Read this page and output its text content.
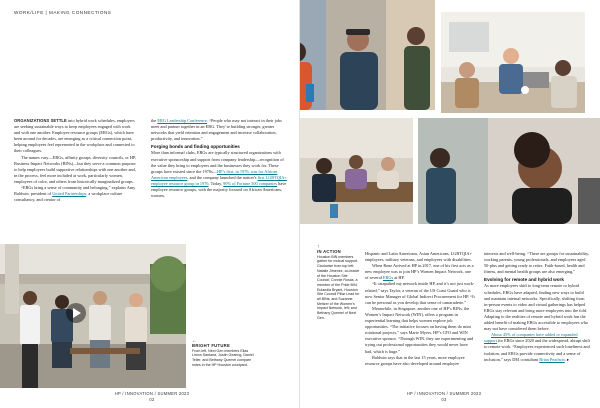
WORK/LIFE | MAKING CONNECTIONS

ORGANIZATIONS SETTLE into hybrid work schedules, employers are seeking sustainable ways to keep employees engaged with work and with one another. Employee resource groups (ERGs), which have been around for decades, are emerging as a critical connection point, helping employees feel represented in the workplace and connected to their colleagues.

The names vary—ERGs, affinity groups, diversity councils, or HP, Business Impact Networks (BINs)—but they serve a common purpose: to help employees build supportive relationships with one another and, in the process, feel more included at work, particularly women, employees of color, and others from historically marginalized groups.

“ERGs bring a sense of community and belonging,” explains Amy Baldwin, president of United Partnerships, a workplace culture consultancy, and creator of

the ERG Leadership Conference. “People who may not interact in their jobs meet and partner together in an ERG. They’re building stronger, greater networks that yield retention and engagement and increase collaboration, productivity, and innovation.”

Forging bonds and finding opportunities

More than informal clubs, ERGs are typically structured organizations with executive sponsorship and support from company leadership—recognition of the value they bring to employees and the businesses they work for. These groups have existed since the 1970s—HP’s first, in 1976, was for African American employees, and the company launched the nation’s first LGBTQIA+ employee resource group in 1976. Today, 90% of Fortune 500 companies have employee resource groups, with the majority focused on African Americans, women,

←
BRIGHT FUTURE
From left, Next Gen members Elias Limon Santana, Justin Gearing, Daniel Teller, and Bethany Quemel compare notes in the HP Houston courtyard.
HP / INNOVATION / SUMMER 2023
02
↑
IN ACTION
Houston BIN members gather for mutual support. Clockwise from top left: Natalie Jimenez, co-leader of the Houston Site Council; Connie Rosas, a member of the Pride BIN; Eulandia Bryant, Houston Site Council Pillar Lead for all BINs; and Suzanne Meltzer of the Women’s Impact Network, left; and Bethany Quemel of Next Gen.

Hispanic and Latin Americans, Asian Americans, LGBTQIA+ employees, military veterans, and employees with disabilities.

When Rene Arrived at HP in 2017, one of his first acts as a new employee was to join HP’s Women Impact Network, one of several ERGs at HP.

“It catapulted my network inside HP, and it’s not just work-related,” says Taylor, a veteran of the US Coast Guard who is now Senior Manager of Global Indirect Procurement for HP. “It can be personal as you develop that sense of camaraderie.”

Meanwhile, in Singapore, another one of HP’s BINs, the Women’s Impact Network (WIN), offers a program in experiential learning that helps women explore job opportunities. “The initiative focuses on having them do mini rotational projects,” says Marie Myers, HP’s CFO and WIN executive sponsor. “Through WIN, they are experimenting and trying out professional opportunities they would never have had, which is huge.”

Baldwin says that in the last 15 years, more employee resource groups have also developed around employee

interests and well-being. “There are groups for sustainability, working parents, young professionals, and employees aged 50-plus and getting ready to retire. Faith-based, health and fitness, and mental health groups are also emerging.”

Evolving for remote and hybrid work

As more employees shift to long-term remote or hybrid schedules, ERGs have adapted, finding new ways to build and maintain internal networks. Specifically, shifting from in-person events to video and virtual gatherings has helped ERGs stay relevant and bring more employees into the fold. Adapting to the realities of remote and hybrid work has the added benefit of making ERGs accessible to employees who may not have considered them before.

About 45% of companies have added or expanded support for ERGs since 2020 and the widespread, abrupt shift to remote work. “Employees experienced such loneliness and isolation, and ERGs provide connectivity and a sense of inclusion,” says DEI consultant Brian Pearlson. ▸

HP / INNOVATION / SUMMER 2023
03
